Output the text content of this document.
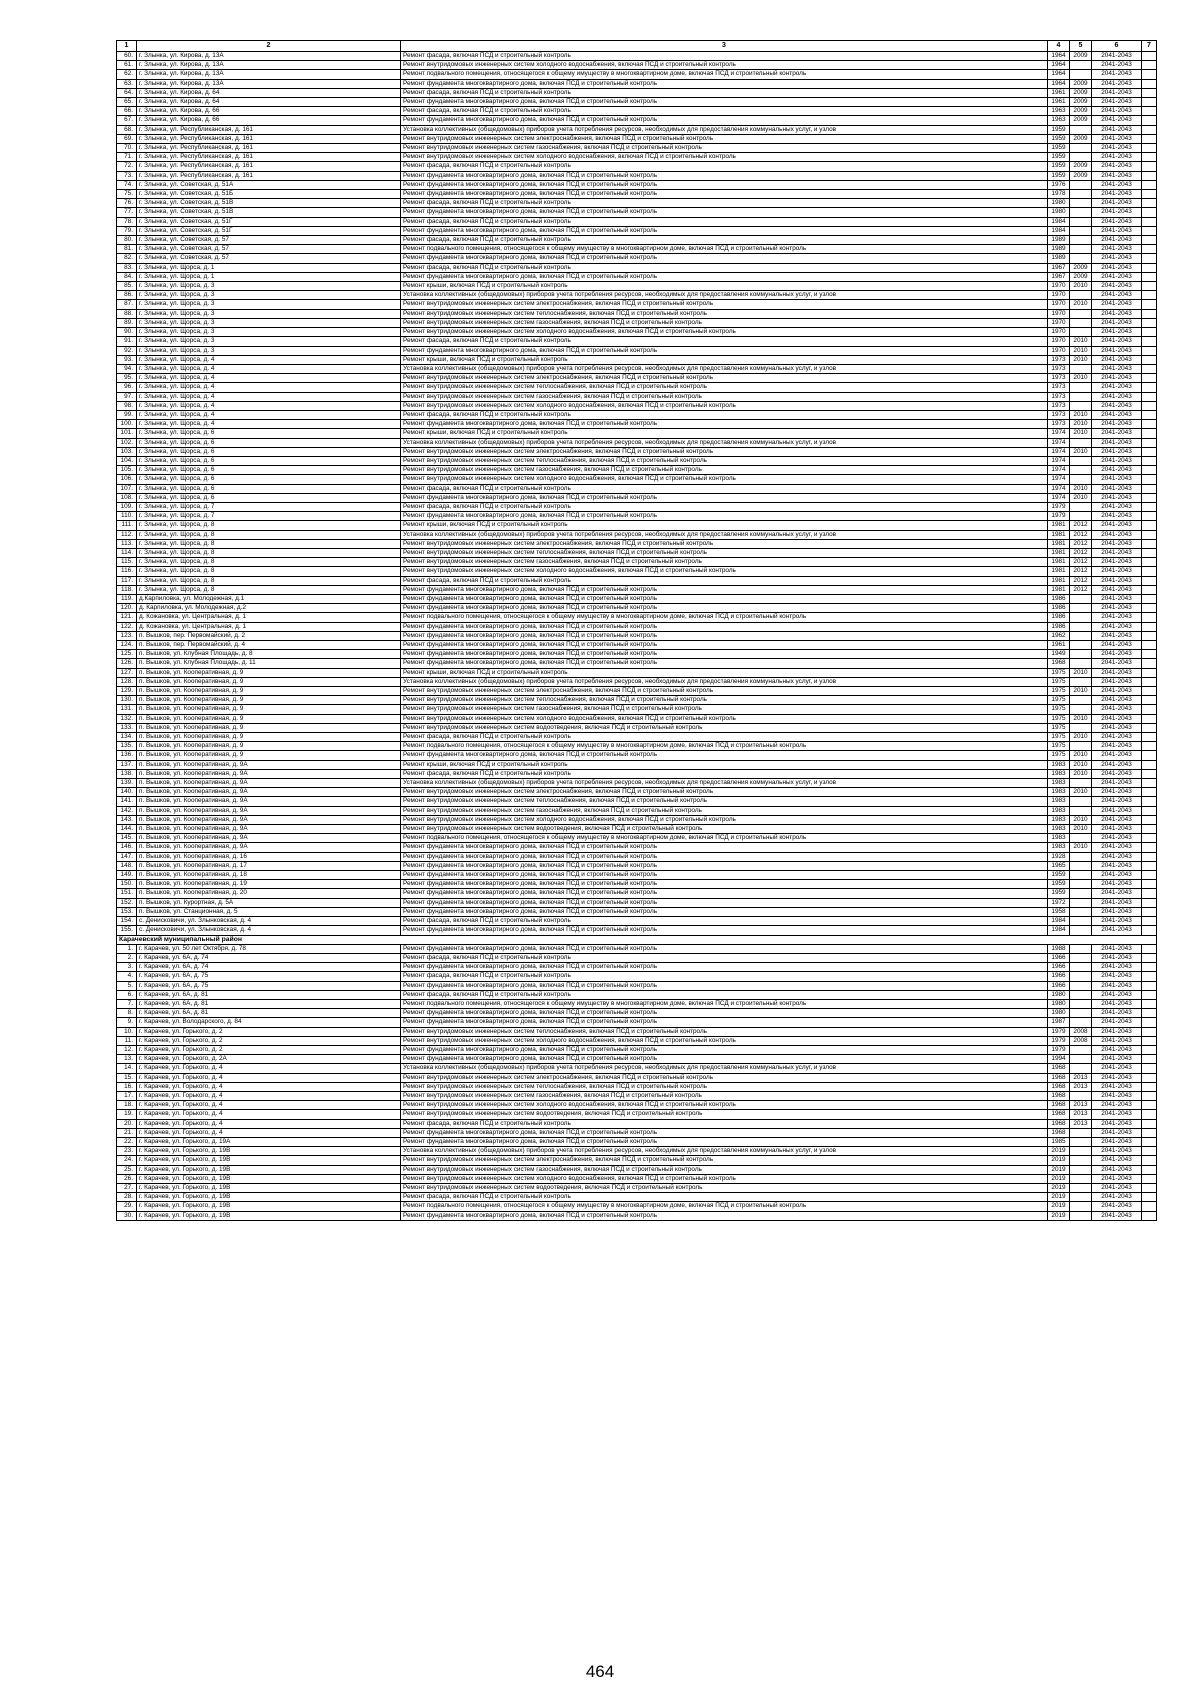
1	2	3	4	5	6	7
60.	г. Злынка, ул. Кирова, д. 13А	Ремонт фасада, включая ПСД и строительный контроль	1964	2009	2041-2043	
61.	г. Злынка, ул. Кирова, д. 13А	Ремонт внутридомовых инженерных систем холодного водоснабжения, включая ПСД и строительный контроль	1964		2041-2043	
62.	г. Злынка, ул. Кирова, д. 13А	Ремонт подвального помещения, относящегося к общему имуществу в многоквартирном доме, включая ПСД и строительный контроль	1964		2041-2043	
63.	г. Злынка, ул. Кирова, д. 13А	Ремонт фундамента многоквартирного дома, включая ПСД и строительный контроль	1964	2009	2041-2043	
64.	г. Злынка, ул. Кирова, д. 64	Ремонт фасада, включая ПСД и строительный контроль	1961	2009	2041-2043	
65.	г. Злынка, ул. Кирова, д. 64	Ремонт фундамента многоквартирного дома, включая ПСД и строительный контроль	1961	2009	2041-2043	
66.	г. Злынка, ул. Кирова, д. 66	Ремонт фасада, включая ПСД и строительный контроль	1963	2009	2041-2043	
67.	г. Злынка, ул. Кирова, д. 66	Ремонт фундамента многоквартирного дома, включая ПСД и строительный контроль	1963	2009	2041-2043	
68.	г. Злынка, ул. Республиканская, д. 161	Установка коллективных (общедомовых) приборов учета потребления ресурсов, необходимых для предоставления коммунальных услуг, и узлов	1959		2041-2043	
69.	г. Злынка, ул. Республиканская, д. 161	Ремонт внутридомовых инженерных систем электроснабжения, включая ПСД и строительный контроль	1959	2009	2041-2043	
70.	г. Злынка, ул. Республиканская, д. 161	Ремонт внутридомовых инженерных систем газоснабжения, включая ПСД и строительный контроль	1959		2041-2043	
71.	г. Злынка, ул. Республиканская, д. 161	Ремонт внутридомовых инженерных систем холодного водоснабжения, включая ПСД и строительный контроль	1959		2041-2043	
72.	г. Злынка, ул. Республиканская, д. 161	Ремонт фасада, включая ПСД и строительный контроль	1959	2009	2041-2043	
73.	г. Злынка, ул. Республиканская, д. 161	Ремонт фундамента многоквартирного дома, включая ПСД и строительный контроль	1959	2009	2041-2043	
74.	г. Злынка, ул. Советская, д. 51А	Ремонт фундамента многоквартирного дома, включая ПСД и строительный контроль	1976		2041-2043	
75.	г. Злынка, ул. Советская, д. 51Б	Ремонт фундамента многоквартирного дома, включая ПСД и строительный контроль	1978		2041-2043	
76.	г. Злынка, ул. Советская, д. 51В	Ремонт фасада, включая ПСД и строительный контроль	1980		2041-2043	
77.	г. Злынка, ул. Советская, д. 51В	Ремонт фундамента многоквартирного дома, включая ПСД и строительный контроль	1980		2041-2043	
78.	г. Злынка, ул. Советская, д. 51Г	Ремонт фасада, включая ПСД и строительный контроль	1984		2041-2043	
79.	г. Злынка, ул. Советская, д. 51Г	Ремонт фундамента многоквартирного дома, включая ПСД и строительный контроль	1984		2041-2043	
80.	г. Злынка, ул. Советская, д. 57	Ремонт фасада, включая ПСД и строительный контроль	1989		2041-2043	
81.	г. Злынка, ул. Советская, д. 57	Ремонт подвального помещения, относящегося к общему имуществу в многоквартирном доме, включая ПСД и строительный контроль	1989		2041-2043	
82.	г. Злынка, ул. Советская, д. 57	Ремонт фундамента многоквартирного дома, включая ПСД и строительный контроль	1989		2041-2043	
83.	г. Злынка, ул. Щорса, д. 1	Ремонт фасада, включая ПСД и строительный контроль	1967	2009	2041-2043	
84.	г. Злынка, ул. Щорса, д. 1	Ремонт фундамента многоквартирного дома, включая ПСД и строительный контроль	1967	2009	2041-2043	
85.	г. Злынка, ул. Щорса, д. 3	Ремонт крыши, включая ПСД и строительный контроль	1970	2010	2041-2043	
86.	г. Злынка, ул. Щорса, д. 3	Установка коллективных (общедомовых) приборов учета потребления ресурсов, необходимых для предоставления коммунальных услуг, и узлов	1970		2041-2043	
87.	г. Злынка, ул. Щорса, д. 3	Ремонт внутридомовых инженерных систем электроснабжения, включая ПСД и строительный контроль	1970	2010	2041-2043	
88.	г. Злынка, ул. Щорса, д. 3	Ремонт внутридомовых инженерных систем теплоснабжения, включая ПСД и строительный контроль	1970		2041-2043	
89.	г. Злынка, ул. Щорса, д. 3	Ремонт внутридомовых инженерных систем газоснабжения, включая ПСД и строительный контроль	1970		2041-2043	
90.	г. Злынка, ул. Щорса, д. 3	Ремонт внутридомовых инженерных систем холодного водоснабжения, включая ПСД и строительный контроль	1970		2041-2043	
91.	г. Злынка, ул. Щорса, д. 3	Ремонт фасада, включая ПСД и строительный контроль	1970	2010	2041-2043	
92.	г. Злынка, ул. Щорса, д. 3	Ремонт фундамента многоквартирного дома, включая ПСД и строительный контроль	1970	2010	2041-2043	
93.	г. Злынка, ул. Щорса, д. 4	Ремонт крыши, включая ПСД и строительный контроль	1973	2010	2041-2043	
94.	г. Злынка, ул. Щорса, д. 4	Установка коллективных (общедомовых) приборов учета потребления ресурсов, необходимых для предоставления коммунальных услуг, и узлов	1973		2041-2043	
95.	г. Злынка, ул. Щорса, д. 4	Ремонт внутридомовых инженерных систем электроснабжения, включая ПСД и строительный контроль	1973	2010	2041-2043	
96.	г. Злынка, ул. Щорса, д. 4	Ремонт внутридомовых инженерных систем теплоснабжения, включая ПСД и строительный контроль	1973		2041-2043	
97.	г. Злынка, ул. Щорса, д. 4	Ремонт внутридомовых инженерных систем газоснабжения, включая ПСД и строительный контроль	1973		2041-2043	
98.	г. Злынка, ул. Щорса, д. 4	Ремонт внутридомовых инженерных систем холодного водоснабжения, включая ПСД и строительный контроль	1973		2041-2043	
99.	г. Злынка, ул. Щорса, д. 4	Ремонт фасада, включая ПСД и строительный контроль	1973	2010	2041-2043	
100.	г. Злынка, ул. Щорса, д. 4	Ремонт фундамента многоквартирного дома, включая ПСД и строительный контроль	1973	2010	2041-2043	
101.	г. Злынка, ул. Щорса, д. 6	Ремонт крыши, включая ПСД и строительный контроль	1974	2010	2041-2043	
102.	г. Злынка, ул. Щорса, д. 6	Установка коллективных (общедомовых) приборов учета потребления ресурсов, необходимых для предоставления коммунальных услуг, и узлов	1974		2041-2043	
103.	г. Злынка, ул. Щорса, д. 6	Ремонт внутридомовых инженерных систем электроснабжения, включая ПСД и строительный контроль	1974	2010	2041-2043	
104.	г. Злынка, ул. Щорса, д. 6	Ремонт внутридомовых инженерных систем теплоснабжения, включая ПСД и строительный контроль	1974		2041-2043	
105.	г. Злынка, ул. Щорса, д. 6	Ремонт внутридомовых инженерных систем газоснабжения, включая ПСД и строительный контроль	1974		2041-2043	
106.	г. Злынка, ул. Щорса, д. 6	Ремонт внутридомовых инженерных систем холодного водоснабжения, включая ПСД и строительный контроль	1974		2041-2043	
107.	г. Злынка, ул. Щорса, д. 6	Ремонт фасада, включая ПСД и строительный контроль	1974	2010	2041-2043	
108.	г. Злынка, ул. Щорса, д. 6	Ремонт фундамента многоквартирного дома, включая ПСД и строительный контроль	1974	2010	2041-2043	
109.	г. Злынка, ул. Щорса, д. 7	Ремонт фасада, включая ПСД и строительный контроль	1979		2041-2043	
110.	г. Злынка, ул. Щорса, д. 7	Ремонт фундамента многоквартирного дома, включая ПСД и строительный контроль	1979		2041-2043	
111.	г. Злынка, ул. Щорса, д. 8	Ремонт крыши, включая ПСД и строительный контроль	1981	2012	2041-2043	
112.	г. Злынка, ул. Щорса, д. 8	Установка коллективных (общедомовых) приборов учета потребления ресурсов, необходимых для предоставления коммунальных услуг, и узлов	1981	2012	2041-2043	
113.	г. Злынка, ул. Щорса, д. 8	Ремонт внутридомовых инженерных систем электроснабжения, включая ПСД и строительный контроль	1981	2012	2041-2043	
114.	г. Злынка, ул. Щорса, д. 8	Ремонт внутридомовых инженерных систем теплоснабжения, включая ПСД и строительный контроль	1981	2012	2041-2043	
115.	г. Злынка, ул. Щорса, д. 8	Ремонт внутридомовых инженерных систем газоснабжения, включая ПСД и строительный контроль	1981	2012	2041-2043	
116.	г. Злынка, ул. Щорса, д. 8	Ремонт внутридомовых инженерных систем холодного водоснабжения, включая ПСД и строительный контроль	1981	2012	2041-2043	
117.	г. Злынка, ул. Щорса, д. 8	Ремонт фасада, включая ПСД и строительный контроль	1981	2012	2041-2043	
118.	г. Злынка, ул. Щорса, д. 8	Ремонт фундамента многоквартирного дома, включая ПСД и строительный контроль	1981	2012	2041-2043	
119.	д.Карпиловка, ул. Молодежная, д.1	Ремонт фундамента многоквартирного дома, включая ПСД и строительный контроль	1986		2041-2043	
120.	д. Карпиловка, ул. Молодежная, д.2	Ремонт фундамента многоквартирного дома, включая ПСД и строительный контроль	1986		2041-2043	
121.	д. Кожановка, ул. Центральная, д. 1	Ремонт подвального помещения, относящегося к общему имуществу в многоквартирном доме, включая ПСД и строительный контроль	1986		2041-2043	
122.	д. Кожановка, ул. Центральная, д. 1	Ремонт фундамента многоквартирного дома, включая ПСД и строительный контроль	1986		2041-2043	
123.	п. Вышков, пер. Первомайский, д. 2	Ремонт фундамента многоквартирного дома, включая ПСД и строительный контроль	1962		2041-2043	
124.	п. Вышков, пер. Первомайский, д. 4	Ремонт фундамента многоквартирного дома, включая ПСД и строительный контроль	1961		2041-2043	
125.	п. Вышков, ул. Клубная Площадь, д. 8	Ремонт фундамента многоквартирного дома, включая ПСД и строительный контроль	1949		2041-2043	
126.	п. Вышков, ул. Клубная Площадь, д. 11	Ремонт фундамента многоквартирного дома, включая ПСД и строительный контроль	1968		2041-2043	
127.	п. Вышков, ул. Кооперативная, д. 9	Ремонт крыши, включая ПСД и строительный контроль	1975	2010	2041-2043	
128.	п. Вышков, ул. Кооперативная, д. 9	Установка коллективных (общедомовых) приборов учета потребления ресурсов, необходимых для предоставления коммунальных услуг, и узлов	1975		2041-2043	
129.	п. Вышков, ул. Кооперативная, д. 9	Ремонт внутридомовых инженерных систем электроснабжения, включая ПСД и строительный контроль	1975	2010	2041-2043	
130.	п. Вышков, ул. Кооперативная, д. 9	Ремонт внутридомовых инженерных систем теплоснабжения, включая ПСД и строительный контроль	1975		2041-2043	
131.	п. Вышков, ул. Кооперативная, д. 9	Ремонт внутридомовых инженерных систем газоснабжения, включая ПСД и строительный контроль	1975		2041-2043	
132.	п. Вышков, ул. Кооперативная, д. 9	Ремонт внутридомовых инженерных систем холодного водоснабжения, включая ПСД и строительный контроль	1975	2010	2041-2043	
133.	п. Вышков, ул. Кооперативная, д. 9	Ремонт внутридомовых инженерных систем водоотведения, включая ПСД и строительный контроль	1975		2041-2043	
134.	п. Вышков, ул. Кооперативная, д. 9	Ремонт фасада, включая ПСД и строительный контроль	1975	2010	2041-2043	
135.	п. Вышков, ул. Кооперативная, д. 9	Ремонт подвального помещения, относящегося к общему имуществу в многоквартирном доме, включая ПСД и строительный контроль	1975		2041-2043	
136.	п. Вышков, ул. Кооперативная, д. 9	Ремонт фундамента многоквартирного дома, включая ПСД и строительный контроль	1975	2010	2041-2043	
137.	п. Вышков, ул. Кооперативная, д. 9А	Ремонт крыши, включая ПСД и строительный контроль	1983	2010	2041-2043	
138.	п. Вышков, ул. Кооперативная, д. 9А	Ремонт фасада, включая ПСД и строительный контроль	1983	2010	2041-2043	
139.	п. Вышков, ул. Кооперативная, д. 9А	Установка коллективных (общедомовых) приборов учета потребления ресурсов, необходимых для предоставления коммунальных услуг, и узлов	1983		2041-2043	
140.	п. Вышков, ул. Кооперативная, д. 9А	Ремонт внутридомовых инженерных систем электроснабжения, включая ПСД и строительный контроль	1983	2010	2041-2043	
141.	п. Вышков, ул. Кооперативная, д. 9А	Ремонт внутридомовых инженерных систем теплоснабжения, включая ПСД и строительный контроль	1983		2041-2043	
142.	п. Вышков, ул. Кооперативная, д. 9А	Ремонт внутридомовых инженерных систем газоснабжения, включая ПСД и строительный контроль	1983		2041-2043	
143.	п. Вышков, ул. Кооперативная, д. 9А	Ремонт внутридомовых инженерных систем холодного водоснабжения, включая ПСД и строительный контроль	1983	2010	2041-2043	
144.	п. Вышков, ул. Кооперативная, д. 9А	Ремонт внутридомовых инженерных систем водоотведения, включая ПСД и строительный контроль	1983	2010	2041-2043	
145.	п. Вышков, ул. Кооперативная, д. 9А	Ремонт подвального помещения, относящегося к общему имуществу в многоквартирном доме, включая ПСД и строительный контроль	1983		2041-2043	
146.	п. Вышков, ул. Кооперативная, д. 9А	Ремонт фундамента многоквартирного дома, включая ПСД и строительный контроль	1983	2010	2041-2043	
147.	п. Вышков, ул. Кооперативная, д. 16	Ремонт фундамента многоквартирного дома, включая ПСД и строительный контроль	1928		2041-2043	
148.	п. Вышков, ул. Кооперативная, д. 17	Ремонт фундамента многоквартирного дома, включая ПСД и строительный контроль	1965		2041-2043	
149.	п. Вышков, ул. Кооперативная, д. 18	Ремонт фундамента многоквартирного дома, включая ПСД и строительный контроль	1959		2041-2043	
150.	п. Вышков, ул. Кооперативная, д. 19	Ремонт фундамента многоквартирного дома, включая ПСД и строительный контроль	1959		2041-2043	
151.	п. Вышков, ул. Кооперативная, д. 20	Ремонт фундамента многоквартирного дома, включая ПСД и строительный контроль	1959		2041-2043	
152.	п. Вышков, ул. Курортная, д. 5А	Ремонт фундамента многоквартирного дома, включая ПСД и строительный контроль	1972		2041-2043	
153.	п. Вышков, ул. Станционная, д. 5	Ремонт фундамента многоквартирного дома, включая ПСД и строительный контроль	1958		2041-2043	
154.	с. Денисковичи, ул. Злынковская, д. 4	Ремонт фасада, включая ПСД и строительный контроль	1984		2041-2043	
155.	с. Денисковичи, ул. Злынковская, д. 4	Ремонт фундамента многоквартирного дома, включая ПСД и строительный контроль	1984		2041-2043	
Карачевский муниципальный район						
1.	г. Карачев, ул. 50 лет Октября, д. 78	Ремонт фундамента многоквартирного дома, включая ПСД и строительный контроль	1988		2041-2043	
2.	г. Карачев, ул. 6А, д. 74	Ремонт фасада, включая ПСД и строительный контроль	1966		2041-2043	
3.	г. Карачев, ул. 6А, д. 74	Ремонт фундамента многоквартирного дома, включая ПСД и строительный контроль	1966		2041-2043	
4.	г. Карачев, ул. 6А, д. 75	Ремонт фасада, включая ПСД и строительный контроль	1966		2041-2043	
5.	г. Карачев, ул. 6А, д. 75	Ремонт фундамента многоквартирного дома, включая ПСД и строительный контроль	1966		2041-2043	
6.	г. Карачев, ул. 6А, д. 81	Ремонт фасада, включая ПСД и строительный контроль	1980		2041-2043	
7.	г. Карачев, ул. 6А, д. 81	Ремонт подвального помещения, относящегося к общему имуществу в многоквартирном доме, включая ПСД и строительный контроль	1980		2041-2043	
8.	г. Карачев, ул. 6А, д. 81	Ремонт фундамента многоквартирного дома, включая ПСД и строительный контроль	1980		2041-2043	
9.	г. Карачев, ул. Володарского, д. 84	Ремонт фундамента многоквартирного дома, включая ПСД и строительный контроль	1987		2041-2043	
10.	г. Карачев, ул. Горького, д. 2	Ремонт внутридомовых инженерных систем теплоснабжения, включая ПСД и строительный контроль	1979	2008	2041-2043	
11.	г. Карачев, ул. Горького, д. 2	Ремонт внутридомовых инженерных систем холодного водоснабжения, включая ПСД и строительный контроль	1979	2008	2041-2043	
12.	г. Карачев, ул. Горького, д. 2	Ремонт фундамента многоквартирного дома, включая ПСД и строительный контроль	1979		2041-2043	
13.	г. Карачев, ул. Горького, д. 2А	Ремонт фундамента многоквартирного дома, включая ПСД и строительный контроль	1994		2041-2043	
14.	г. Карачев, ул. Горького, д. 4	Установка коллективных (общедомовых) приборов учета потребления ресурсов, необходимых для предоставления коммунальных услуг, и узлов	1968		2041-2043	
15.	г. Карачев, ул. Горького, д. 4	Ремонт внутридомовых инженерных систем электроснабжения, включая ПСД и строительный контроль	1968	2013	2041-2043	
16.	г. Карачев, ул. Горького, д. 4	Ремонт внутридомовых инженерных систем теплоснабжения, включая ПСД и строительный контроль	1968	2013	2041-2043	
17.	г. Карачев, ул. Горького, д. 4	Ремонт внутридомовых инженерных систем газоснабжения, включая ПСД и строительный контроль	1968		2041-2043	
18.	г. Карачев, ул. Горького, д. 4	Ремонт внутридомовых инженерных систем холодного водоснабжения, включая ПСД и строительный контроль	1968	2013	2041-2043	
19.	г. Карачев, ул. Горького, д. 4	Ремонт внутридомовых инженерных систем водоотведения, включая ПСД и строительный контроль	1968	2013	2041-2043	
20.	г. Карачев, ул. Горького, д. 4	Ремонт фасада, включая ПСД и строительный контроль	1968	2013	2041-2043	
21.	г. Карачев, ул. Горького, д. 4	Ремонт фундамента многоквартирного дома, включая ПСД и строительный контроль	1968		2041-2043	
22.	г. Карачев, ул. Горького, д. 19А	Ремонт фундамента многоквартирного дома, включая ПСД и строительный контроль	1985		2041-2043	
23.	г. Карачев, ул. Горького, д. 19В	Установка коллективных (общедомовых) приборов учета потребления ресурсов, необходимых для предоставления коммунальных услуг, и узлов	2019		2041-2043	
24.	г. Карачев, ул. Горького, д. 19В	Ремонт внутридомовых инженерных систем электроснабжения, включая ПСД и строительный контроль	2019		2041-2043	
25.	г. Карачев, ул. Горького, д. 19В	Ремонт внутридомовых инженерных систем газоснабжения, включая ПСД и строительный контроль	2019		2041-2043	
26.	г. Карачев, ул. Горького, д. 19В	Ремонт внутридомовых инженерных систем холодного водоснабжения, включая ПСД и строительный контроль	2019		2041-2043	
27.	г. Карачев, ул. Горького, д. 19В	Ремонт внутридомовых инженерных систем водоотведения, включая ПСД и строительный контроль	2019		2041-2043	
28.	г. Карачев, ул. Горького, д. 19В	Ремонт фасада, включая ПСД и строительный контроль	2019		2041-2043	
29.	г. Карачев, ул. Горького, д. 19В	Ремонт подвального помещения, относящегося к общему имуществу в многоквартирном доме, включая ПСД и строительный контроль	2019		2041-2043	
30.	г. Карачев, ул. Горького, д. 19В	Ремонт фундамента многоквартирного дома, включая ПСД и строительный контроль	2019		2041-2043	
464
